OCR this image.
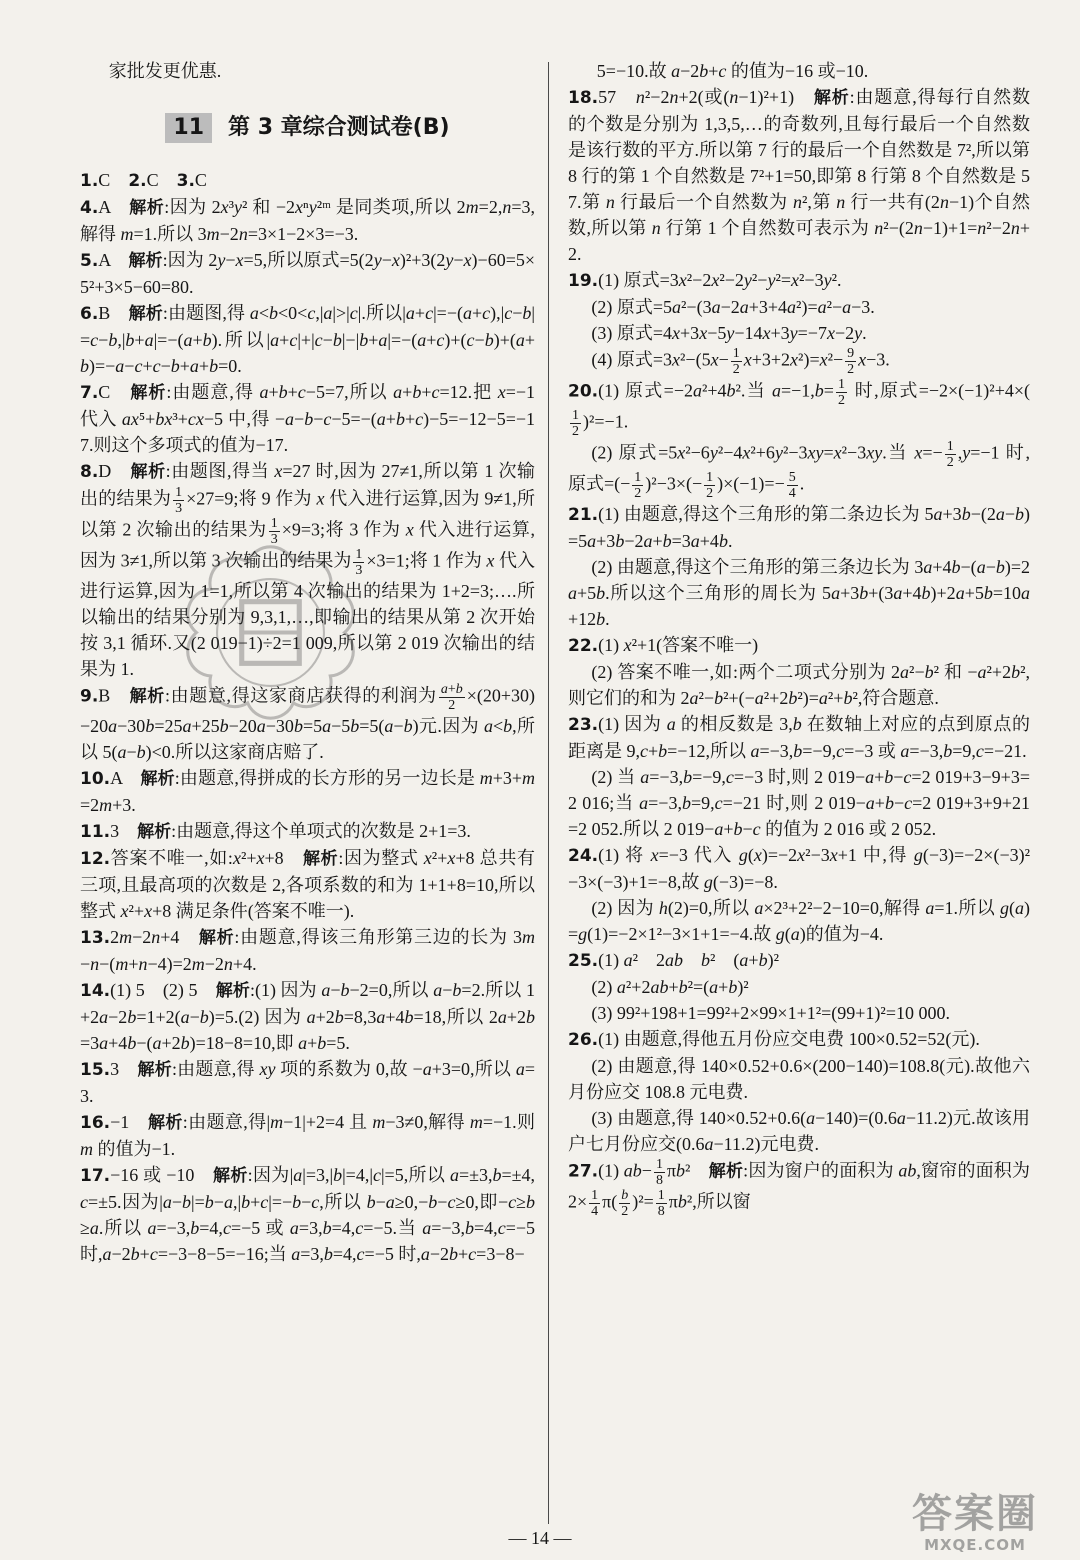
家批发更优惠.

11 第 3 章综合测试卷(B)

1.C　 2.C　 3.C

4.A　 解析:因为 2x³y² 和 −2xⁿy²ᵐ 是同类项,所以 2m=2,n=3,解得 m=1.所以 3m−2n=3×1−2×3=−3.

5.A　 解析:因为 2y−x=5,所以原式=5(2y−x)²+3(2y−x)−60=5×5²+3×5−60=80.

6.B　 解析:由题图,得 a<b<0<c,|a|>|c|.所以|a+c|=−(a+c),|c−b|=c−b,|b+a|=−(a+b).所以|a+c|+|c−b|−|b+a|=−(a+c)+(c−b)+(a+b)=−a−c+c−b+a+b=0.

7.C　 解析:由题意,得 a+b+c−5=7,所以 a+b+c=12.把 x=−1 代入 ax⁵+bx³+cx−5 中,得 −a−b−c−5=−(a+b+c)−5=−12−5=−17.则这个多项式的值为−17.

8.D　 解析:由题图,得当 x=27 时,因为 27≠1,所以第 1 次输出的结果为 $\frac{1}{3} \times 27=9$;将 9 作为 x 代入进行运算,因为 9≠1,所以第 2 次输出的结果为 $\frac{1}{3} \times 9=3$;将 3 作为 x 代入进行运算,因为 3≠1,所以第 3 次输出的结果为 $\frac{1}{3} \times 3=1$;将 1 作为 x 代入进行运算,因为 1=1,所以第 4 次输出的结果为 1+2=3;….所以输出的结果分别为 9,3,1,…,即输出的结果从第 2 次开始按 3,1 循环.又(2 019−1)÷2=1 009,所以第 2 019 次输出的结果为 1.

9.B　 解析:由题意,得这家商店获得的利润为 $\frac{a+b}{2} \times(20+30)-20a-30b=25a+25b-20a-30b=5a-5b=5(a-b)$元.因为 a<b,所以 5(a−b)<0.所以这家商店赔了.

10.A　 解析:由题意,得拼成的长方形的另一边长是 m+3+m=2m+3.

11.3　解析:由题意,得这个单项式的次数是 2+1=3.

12.答案不唯一,如:x²+x+8　解析:因为整式 x²+x+8 总共有三项,且最高项的次数是 2,各项系数的和为 1+1+8=10,所以整式 x²+x+8 满足条件(答案不唯一).

13.2m−2n+4　解析:由题意,得该三角形第三边的长为 3m−n−(m+n−4)=2m−2n+4.

14.(1) 5　(2) 5　解析:(1) 因为 a−b−2=0,所以 a−b=2.所以 1+2a−2b=1+2(a−b)=5.(2) 因为 a+2b=8,3a+4b=18,所以 2a+2b=3a+4b−(a+2b)=18−8=10,即 a+b=5.

15.3　解析:由题意,得 xy 项的系数为 0,故 −a+3=0,所以 a=3.

16.−1　解析:由题意,得|m−1|+2=4 且 m−3≠0,解得 m=−1.则 m 的值为−1.

17.−16 或 −10　解析:因为|a|=3,|b|=4,|c|=5,所以 a=±3,b=±4,c=±5.因为|a−b|=b−a,|b+c|=−b−c,所以 b−a≥0,−b−c≥0,即−c≥b≥a.所以 a=−3,b=4,c=−5 或 a=3,b=4,c=−5.当 a=−3,b=4,c=−5 时,a−2b+c=−3−8−5=−16;当 a=3,b=4,c=−5 时,a−2b+c=3−8−

5=−10.故 a−2b+c 的值为−16 或−10.

18.57　n²−2n+2(或(n−1)²+1)　解析:由题意,得每行自然数的个数是分别为 1,3,5,…的奇数列,且每行最后一个自然数是该行数的平方.所以第 7 行的最后一个自然数是 7²,所以第 8 行的第 1 个自然数是 7²+1=50,即第 8 行第 8 个自然数是 57.第 n 行最后一个自然数为 n²,第 n 行一共有(2n−1)个自然数,所以第 n 行第 1 个自然数可表示为 n²−(2n−1)+1=n²−2n+2.

19.(1) 原式=3x²−2x²−2y²−y²=x²−3y².

(2) 原式=5a²−(3a−2a+3+4a²)=a²−a−3.

(3) 原式=4x+3x−5y−14x+3y=−7x−2y.

(4) 原式$=3x^2-(5x- \frac{1}{2} x+3+2x^2)=x^2- \frac{9}{2} x-3$.

20.(1) 原式=−2a²+4b².当 $a=-1,b= \frac{1}{2}$ 时,原式=−2×(−1)²+4×(
$\frac{1}{2} )^2=-1$.

(2) 原式=5x²−6y²−4x²+6y²−3xy=x²−3xy.当 $x=- \frac{1}{2} ,y=-1$ 时,原式=(− $\frac{1}{2} )^2-3\times(- \frac{1}{2} )\times(-1)=- \frac{5}{4}$ .

21.(1) 由题意,得这个三角形的第二条边长为 5a+3b−(2a−b)=5a+3b−2a+b=3a+4b.

(2) 由题意,得这个三角形的第三条边长为 3a+4b−(a−b)=2a+5b.所以这个三角形的周长为 5a+3b+(3a+4b)+2a+5b=10a+12b.

22.(1) x²+1(答案不唯一)

(2) 答案不唯一,如:两个二项式分别为 2a²−b² 和 −a²+2b²,则它们的和为 2a²−b²+(−a²+2b²)=a²+b²,符合题意.

23.(1) 因为 a 的相反数是 3,b 在数轴上对应的点到原点的距离是 9,c+b=−12,所以 a=−3,b=−9,c=−3 或 a=−3,b=9,c=−21.

(2) 当 a=−3,b=−9,c=−3 时,则 2 019−a+b−c=2 019+3−9+3=2 016;当 a=−3,b=9,c=−21 时,则 2 019−a+b−c=2 019+3+9+21=2 052.所以 2 019−a+b−c 的值为 2 016 或 2 052.

24.(1) 将 x=−3 代入 g(x)=−2x²−3x+1 中,得 g(−3)=−2×(−3)²−3×(−3)+1=−8,故 g(−3)=−8.

(2) 因为 h(2)=0,所以 a×2³+2²−2−10=0,解得 a=1.所以 g(a)=g(1)=−2×1²−3×1+1=−4.故 g(a)的值为−4.

25.(1) a²　2ab　 b²　(a+b)²

(2) a²+2ab+b²=(a+b)²

(3) 99²+198+1=99²+2×99×1+1²=(99+1)²=10 000.

26.(1) 由题意,得他五月份应交电费 100×0.52=52(元).

(2) 由题意,得 140×0.52+0.6×(200−140)=108.8(元).故他六月份应交 108.8 元电费.

(3) 由题意,得 140×0.52+0.6(a−140)=(0.6a−11.2)元.故该用户七月份应交(0.6a−11.2)元电费.

27.(1) $ab- \frac{1}{8} \pi b^2$　解析:因为窗户的面积为 ab,窗帘的面积为 $2\times \frac{1}{4} \pi( \frac{b}{2} )^2= \frac{1}{8} \pi b^2$,所以窗

— 14 —
答案圈
MXQE.COM
